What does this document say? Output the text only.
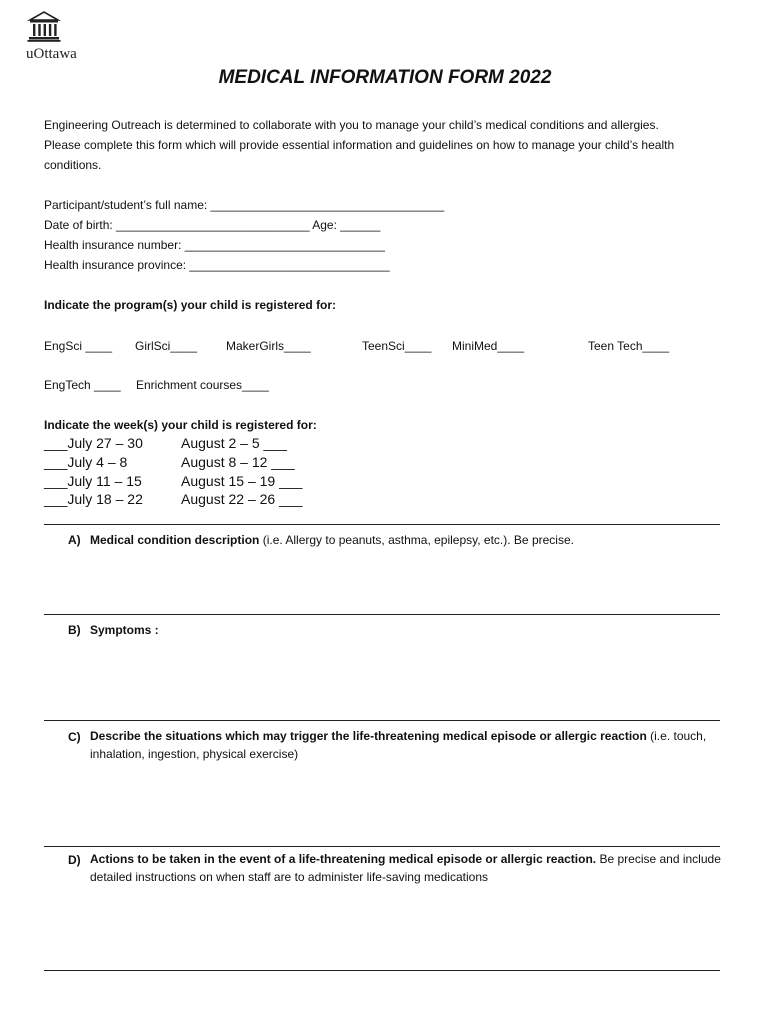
uOttawa
MEDICAL INFORMATION FORM 2022
Engineering Outreach is determined to collaborate with you to manage your child’s medical conditions and allergies.
Please complete this form which will provide essential information and guidelines on how to manage your child’s health
conditions.
Participant/student’s full name: ___________________________________
Date of birth: _____________________________ Age: ______
Health insurance number: ______________________________
Health insurance province: ______________________________
Indicate the program(s) your child is registered for:
EngSci ____ GirlSci____ MakerGirls____	TeenSci____ MiniMed____	Teen Tech____
EngTech ____ Enrichment courses____
Indicate the week(s) your child is registered for:
___July 27 – 30
___July 4 – 8
___July 11 – 15
___July 18 – 22
August 2 – 5 ___
August 8 – 12 ___
August 15 – 19 ___
August 22 – 26 ___
A) Medical condition description (i.e. Allergy to peanuts, asthma, epilepsy, etc.). Be precise.
B) Symptoms :
C) Describe the situations which may trigger the life-threatening medical episode or allergic reaction (i.e. touch, inhalation, ingestion, physical exercise)
D) Actions to be taken in the event of a life-threatening medical episode or allergic reaction. Be precise and include detailed instructions on when staff are to administer life-saving medications
